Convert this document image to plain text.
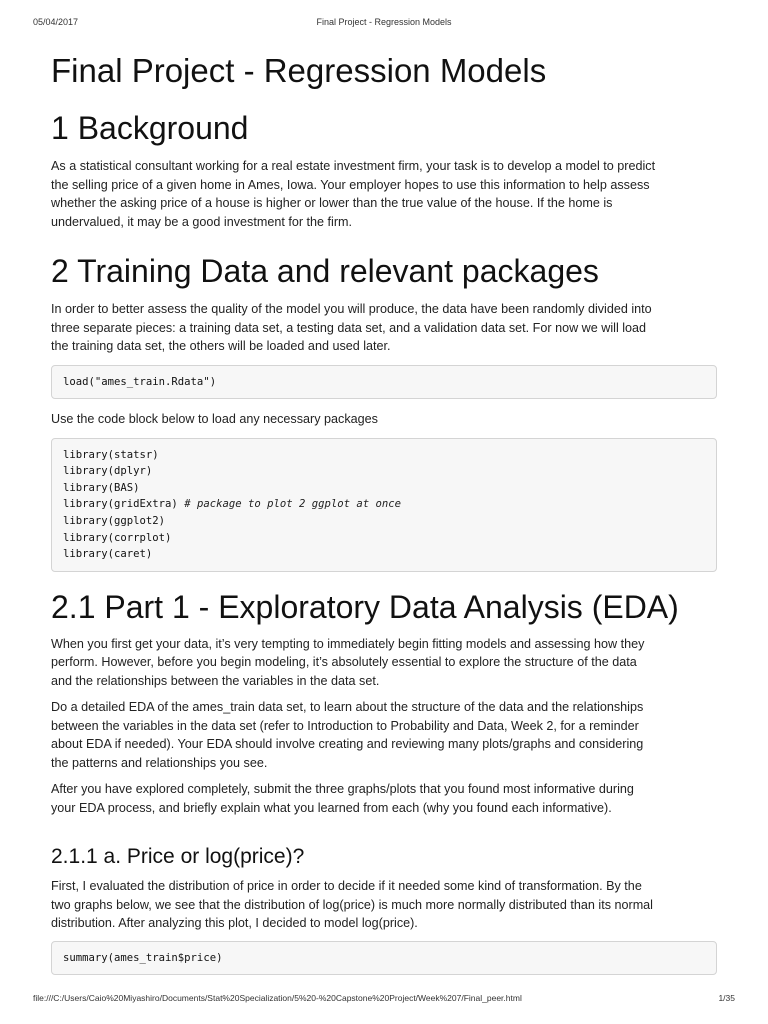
05/04/2017	Final Project - Regression Models
Final Project - Regression Models
1 Background

As a statistical consultant working for a real estate investment firm, your task is to develop a model to predict
the selling price of a given home in Ames, Iowa. Your employer hopes to use this information to help assess
whether the asking price of a house is higher or lower than the true value of the house. If the home is
undervalued, it may be a good investment for the firm.

2 Training Data and relevant packages

In order to better assess the quality of the model you will produce, the data have been randomly divided into
three separate pieces: a training data set, a testing data set, and a validation data set. For now we will load
the training data set, the others will be loaded and used later.

load("ames_train.Rdata")

Use the code block below to load any necessary packages

library(statsr)
library(dplyr)
library(BAS)
library(gridExtra) # package to plot 2 ggplot at once
library(ggplot2)
library(corrplot)
library(caret)
2.1 Part 1 - Exploratory Data Analysis (EDA)

When you first get your data, it’s very tempting to immediately begin fitting models and assessing how they
perform. However, before you begin modeling, it’s absolutely essential to explore the structure of the data
and the relationships between the variables in the data set.

Do a detailed EDA of the ames_train data set, to learn about the structure of the data and the relationships
between the variables in the data set (refer to Introduction to Probability and Data, Week 2, for a reminder
about EDA if needed). Your EDA should involve creating and reviewing many plots/graphs and considering
the patterns and relationships you see.

After you have explored completely, submit the three graphs/plots that you found most informative during
your EDA process, and briefly explain what you learned from each (why you found each informative).

2.1.1 a. Price or log(price)?

First, I evaluated the distribution of price in order to decide if it needed some kind of transformation. By the
two graphs below, we see that the distribution of log(price) is much more normally distributed than its normal
distribution. After analyzing this plot, I decided to model log(price).

summary(ames_train$price)
file:///C:/Users/Caio%20Miyashiro/Documents/Stat%20Specialization/5%20-%20Capstone%20Project/Week%207/Final_peer.html	1/35
